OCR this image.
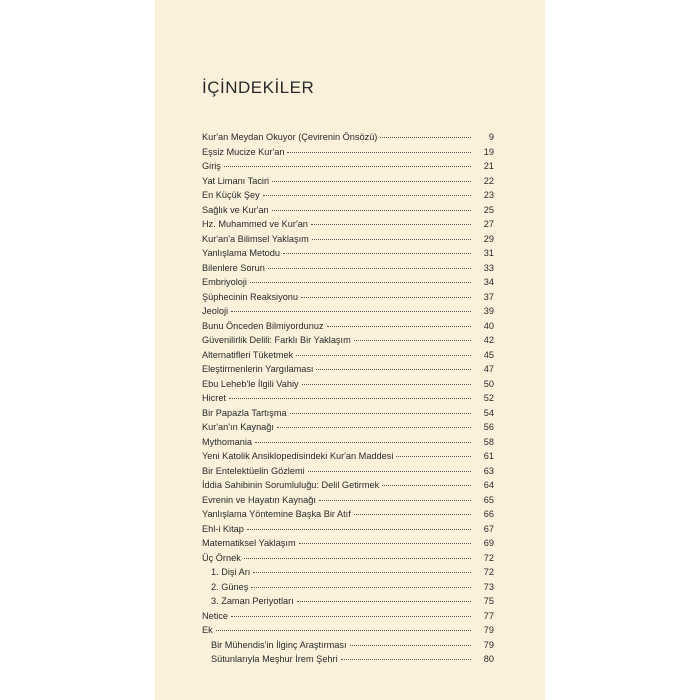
İÇİNDEKİLER
Kur'an Meydan Okuyor (Çevirenin Önsözü)	9
Eşsiz Mucize Kur'an	19
Giriş	21
Yat Limanı Taciri	22
En Küçük Şey	23
Sağlık ve Kur'an	25
Hz. Muhammed ve Kur'an	27
Kur'an'a Bilimsel Yaklaşım	29
Yanlışlama Metodu	31
Bilenlere Sorun	33
Embriyoloji	34
Şüphecinin Reaksiyonu	37
Jeoloji	39
Bunu Önceden Bilmiyordunuz	40
Güvenilirlik Delili: Farklı Bir Yaklaşım	42
Alternatifleri Tüketmek	45
Eleştirmenlerin Yargılaması	47
Ebu Leheb'le İlgili Vahiy	50
Hicret	52
Bir Papazla Tartışma	54
Kur'an'ın Kaynağı	56
Mythomania	58
Yeni Katolik Ansiklopedisindeki Kur'an Maddesi	61
Bir Entelektüelin Gözlemi	63
İddia Sahibinin Sorumluluğu: Delil Getirmek	64
Evrenin ve Hayatın Kaynağı	65
Yanlışlama Yöntemine Başka Bir Atıf	66
Ehl-i Kitap	67
Matematiksel Yaklaşım	69
Üç Örnek	72
1. Dişi Arı	72
2. Güneş	73
3. Zaman Periyotları	75
Netice	77
Ek	79
Bir Mühendis'in İlginç Araştırması	79
Sütunlarıyla Meşhur İrem Şehri	80
